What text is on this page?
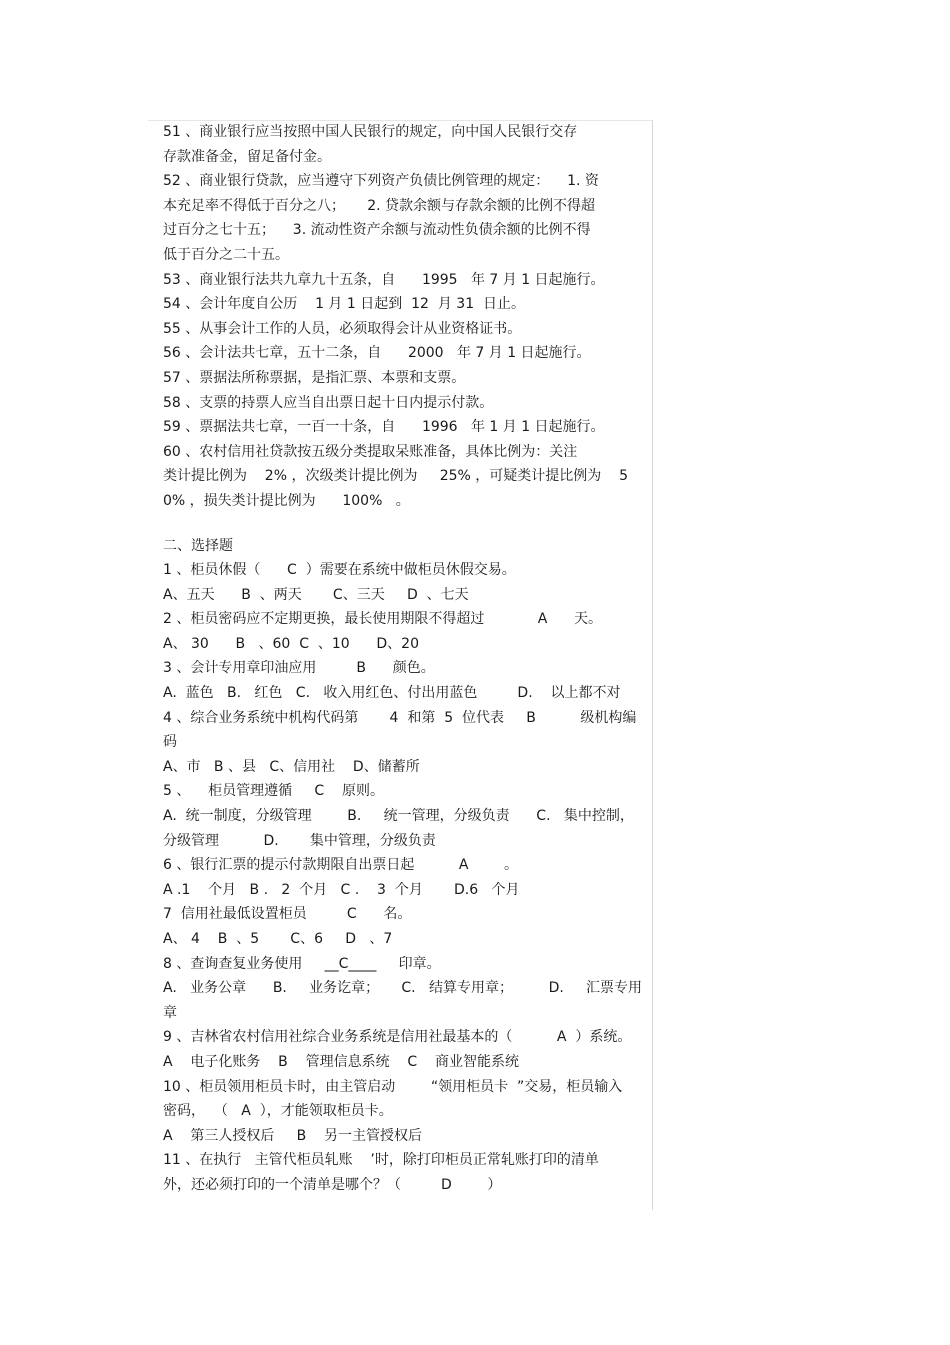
51 、商业银行应当按照中国人民银行的规定，向中国人民银行交存
存款准备金，留足备付金。
52 、商业银行贷款，应当遵守下列资产负债比例管理的规定：    1. 资
本充足率不得低于百分之八；     2. 贷款余额与存款余额的比例不得超
过百分之七十五；    3. 流动性资产余额与流动性负债余额的比例不得
低于百分之二十五。
53 、商业银行法共九章九十五条，自      1995   年 7 月 1 日起施行。
54 、会计年度自公历    1 月 1 日起到  12  月 31  日止。
55 、从事会计工作的人员，必须取得会计从业资格证书。
56 、会计法共七章，五十二条，自      2000   年 7 月 1 日起施行。
57 、票据法所称票据，是指汇票、本票和支票。
58 、支票的持票人应当自出票日起十日内提示付款。
59 、票据法共七章，一百一十条，自      1996   年 1 月 1 日起施行。
60 、农村信用社贷款按五级分类提取呆账准备，具体比例为：关注
类计提比例为    2% ，次级类计提比例为     25% ，可疑类计提比例为    5
0% ，损失类计提比例为      100%   。
二、选择题
1 、柜员休假（      C  ）需要在系统中做柜员休假交易。
A、五天      B  、两天       C、三天     D  、七天
2 、柜员密码应不定期更换，最长使用期限不得超过            A      天。
A、 30      B   、60  C  、10      D、20
3 、会计专用章印油应用         B      颜色。
A.  蓝色   B.   红色   C.   收入用红色、付出用蓝色         D.    以上都不对
4 、综合业务系统中机构代码第       4  和第  5  位代表     B          级机构编
码
A、市   B 、县   C、信用社    D、储蓄所
5 、    柜员管理遵循     C    原则。
A.  统一制度，分级管理        B.     统一管理，分级负责      C.   集中控制，
分级管理          D.       集中管理，分级负责
6 、银行汇票的提示付款期限自出票日起          A        。
A .1    个月   B .   2  个月   C .    3  个月       D.6   个月
7  信用社最低设置柜员         C      名。
A、 4    B  、5       C、6     D   、7
8 、查询查复业务使用     __C____     印章。
A.   业务公章      B.     业务讫章；     C.   结算专用章；        D.     汇票专用
章
9 、吉林省农村信用社综合业务系统是信用社最基本的（          A  ）系统。
A    电子化账务    B    管理信息系统    C    商业智能系统
10 、柜员领用柜员卡时，由主管启动        “领用柜员卡  ”交易，柜员输入
密码，  （   A  ），才能领取柜员卡。
A    第三人授权后     B    另一主管授权后
11 、在执行   主管代柜员轧账    ’时，除打印柜员正常轧账打印的清单
外，还必须打印的一个清单是哪个？（         D        ）
